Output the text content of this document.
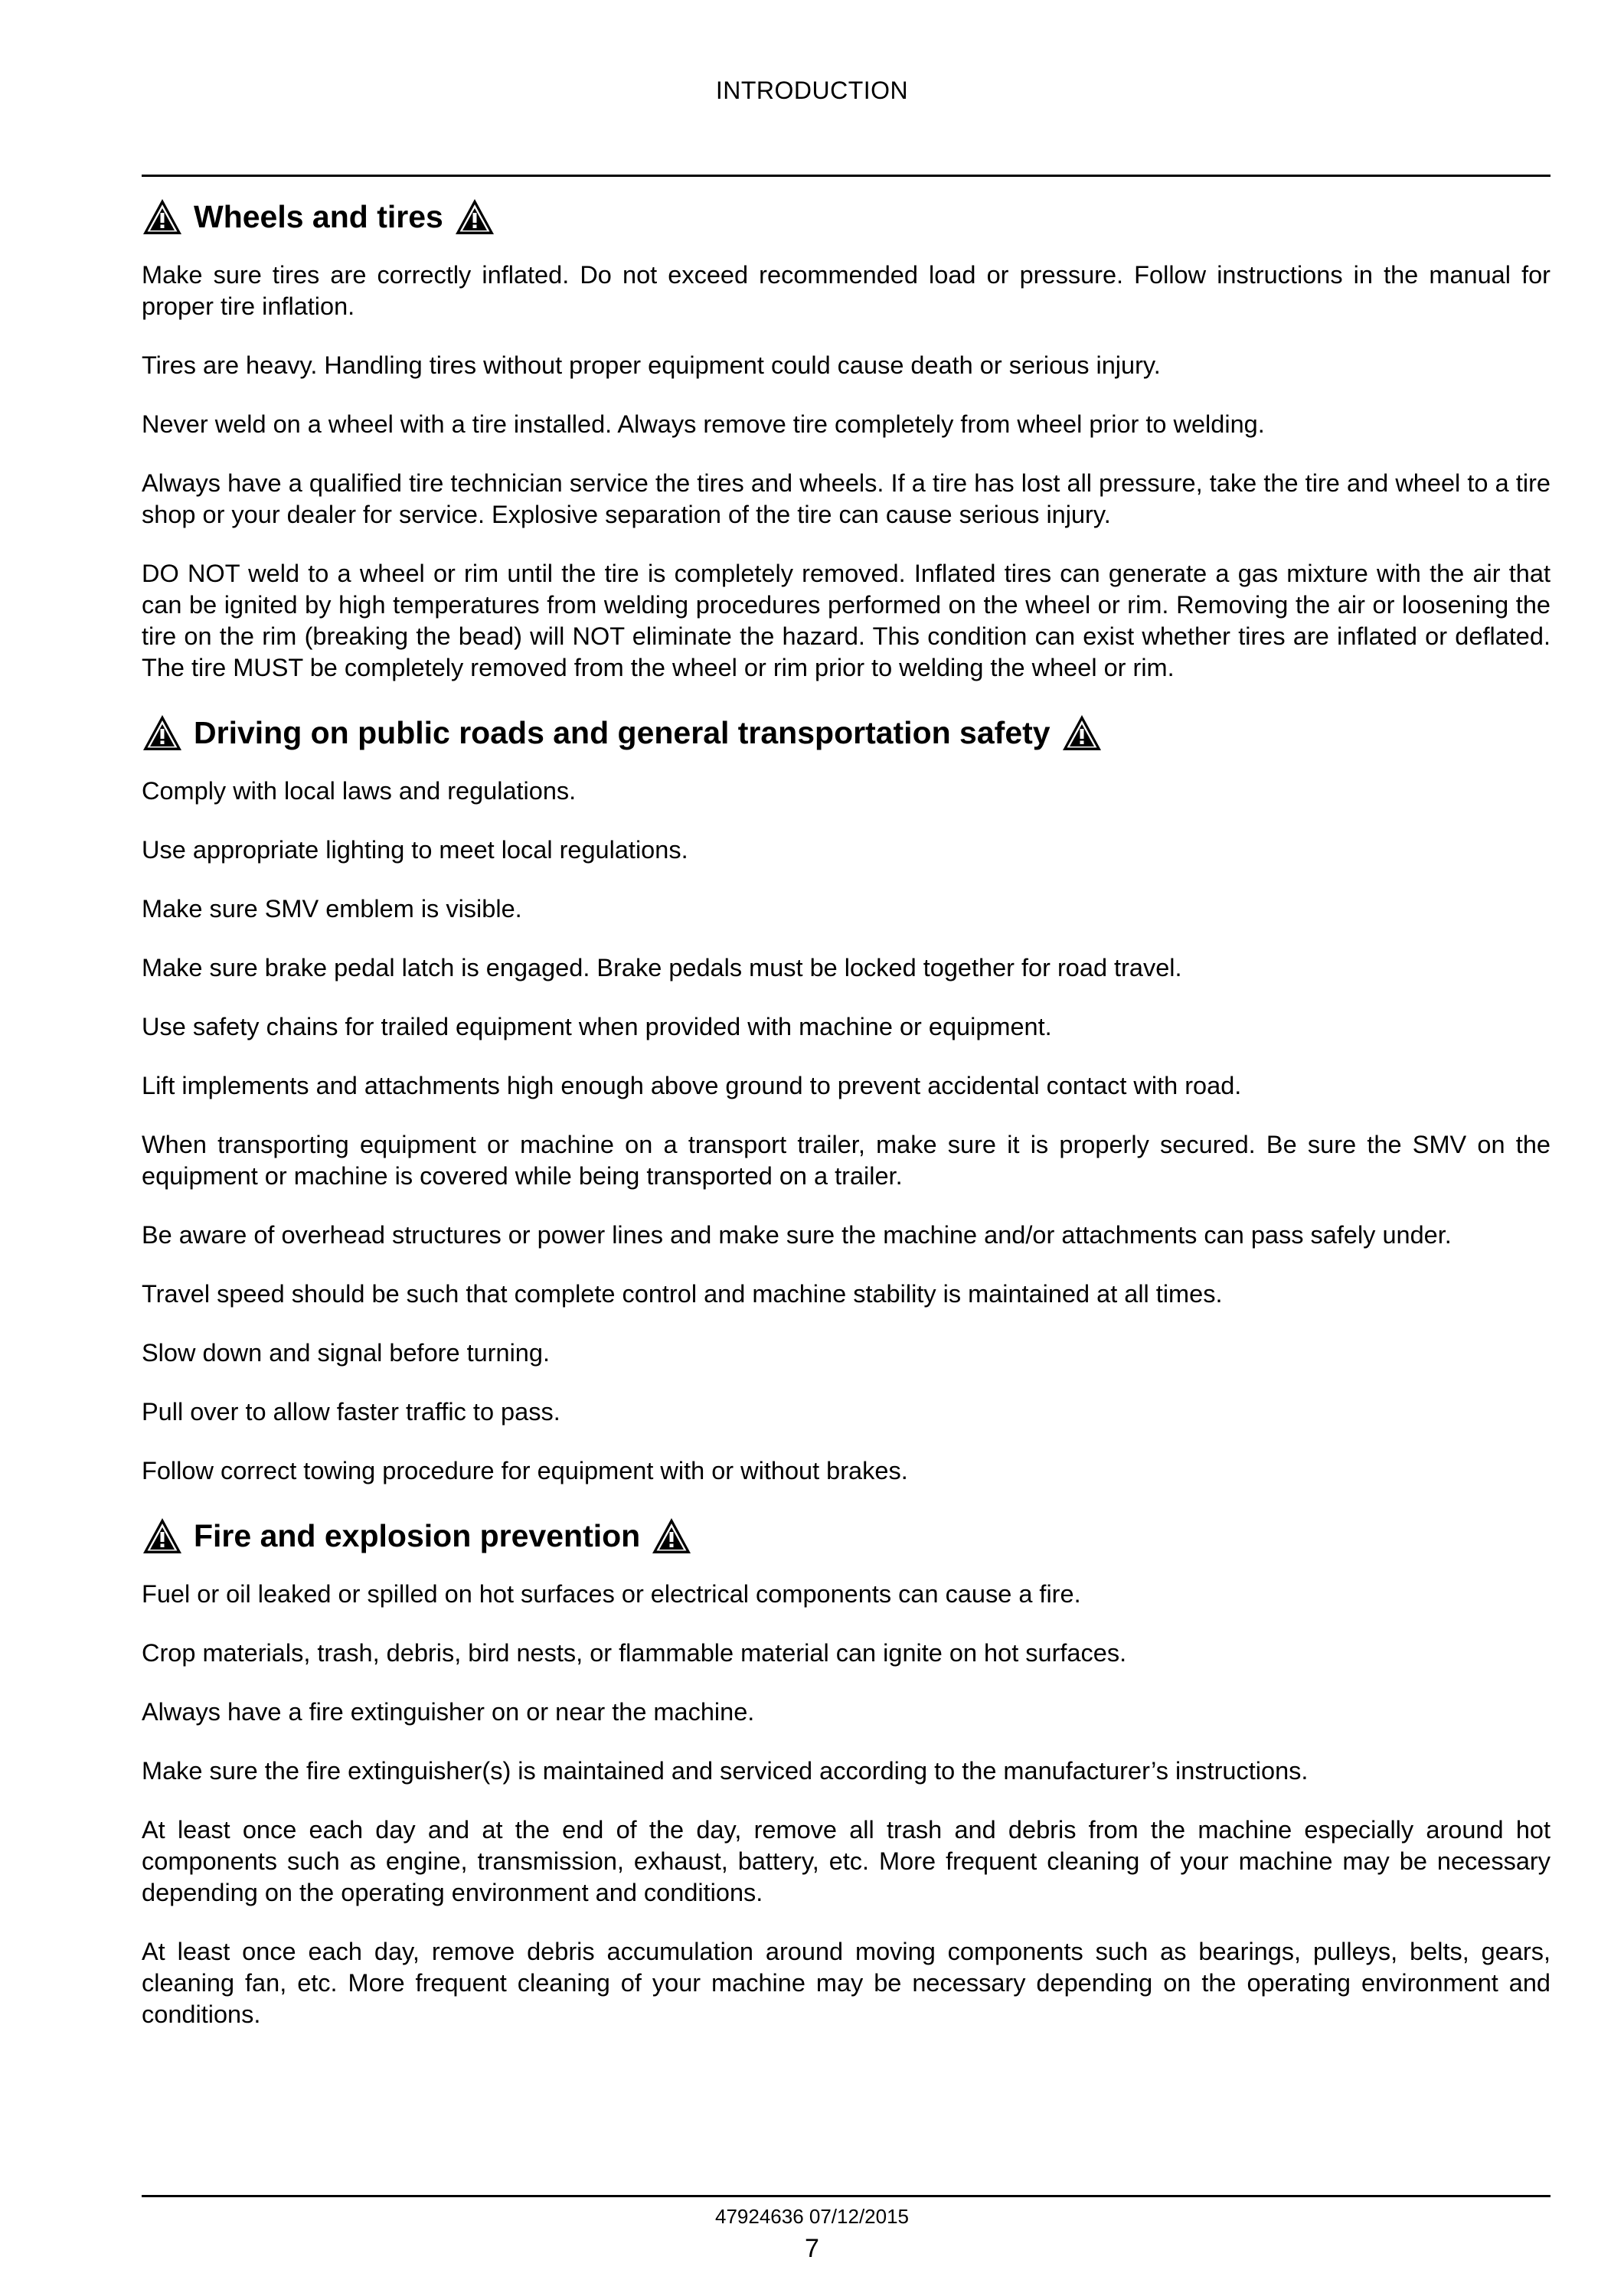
INTRODUCTION
Wheels and tires

Make sure tires are correctly inflated. Do not exceed recommended load or pressure. Follow instructions in the manual for proper tire inflation.

Tires are heavy. Handling tires without proper equipment could cause death or serious injury.

Never weld on a wheel with a tire installed. Always remove tire completely from wheel prior to welding.

Always have a qualified tire technician service the tires and wheels. If a tire has lost all pressure, take the tire and wheel to a tire shop or your dealer for service. Explosive separation of the tire can cause serious injury.

DO NOT weld to a wheel or rim until the tire is completely removed. Inflated tires can generate a gas mixture with the air that can be ignited by high temperatures from welding procedures performed on the wheel or rim. Removing the air or loosening the tire on the rim (breaking the bead) will NOT eliminate the hazard. This condition can exist whether tires are inflated or deflated. The tire MUST be completely removed from the wheel or rim prior to welding the wheel or rim.

Driving on public roads and general transportation safety

Comply with local laws and regulations.

Use appropriate lighting to meet local regulations.

Make sure SMV emblem is visible.

Make sure brake pedal latch is engaged. Brake pedals must be locked together for road travel.

Use safety chains for trailed equipment when provided with machine or equipment.

Lift implements and attachments high enough above ground to prevent accidental contact with road.

When transporting equipment or machine on a transport trailer, make sure it is properly secured. Be sure the SMV on the equipment or machine is covered while being transported on a trailer.

Be aware of overhead structures or power lines and make sure the machine and/or attachments can pass safely under.

Travel speed should be such that complete control and machine stability is maintained at all times.

Slow down and signal before turning.

Pull over to allow faster traffic to pass.

Follow correct towing procedure for equipment with or without brakes.

Fire and explosion prevention

Fuel or oil leaked or spilled on hot surfaces or electrical components can cause a fire.

Crop materials, trash, debris, bird nests, or flammable material can ignite on hot surfaces.

Always have a fire extinguisher on or near the machine.

Make sure the fire extinguisher(s) is maintained and serviced according to the manufacturer’s instructions.

At least once each day and at the end of the day, remove all trash and debris from the machine especially around hot components such as engine, transmission, exhaust, battery, etc. More frequent cleaning of your machine may be necessary depending on the operating environment and conditions.

At least once each day, remove debris accumulation around moving components such as bearings, pulleys, belts, gears, cleaning fan, etc. More frequent cleaning of your machine may be necessary depending on the operating environment and conditions.

47924636 07/12/2015
7
